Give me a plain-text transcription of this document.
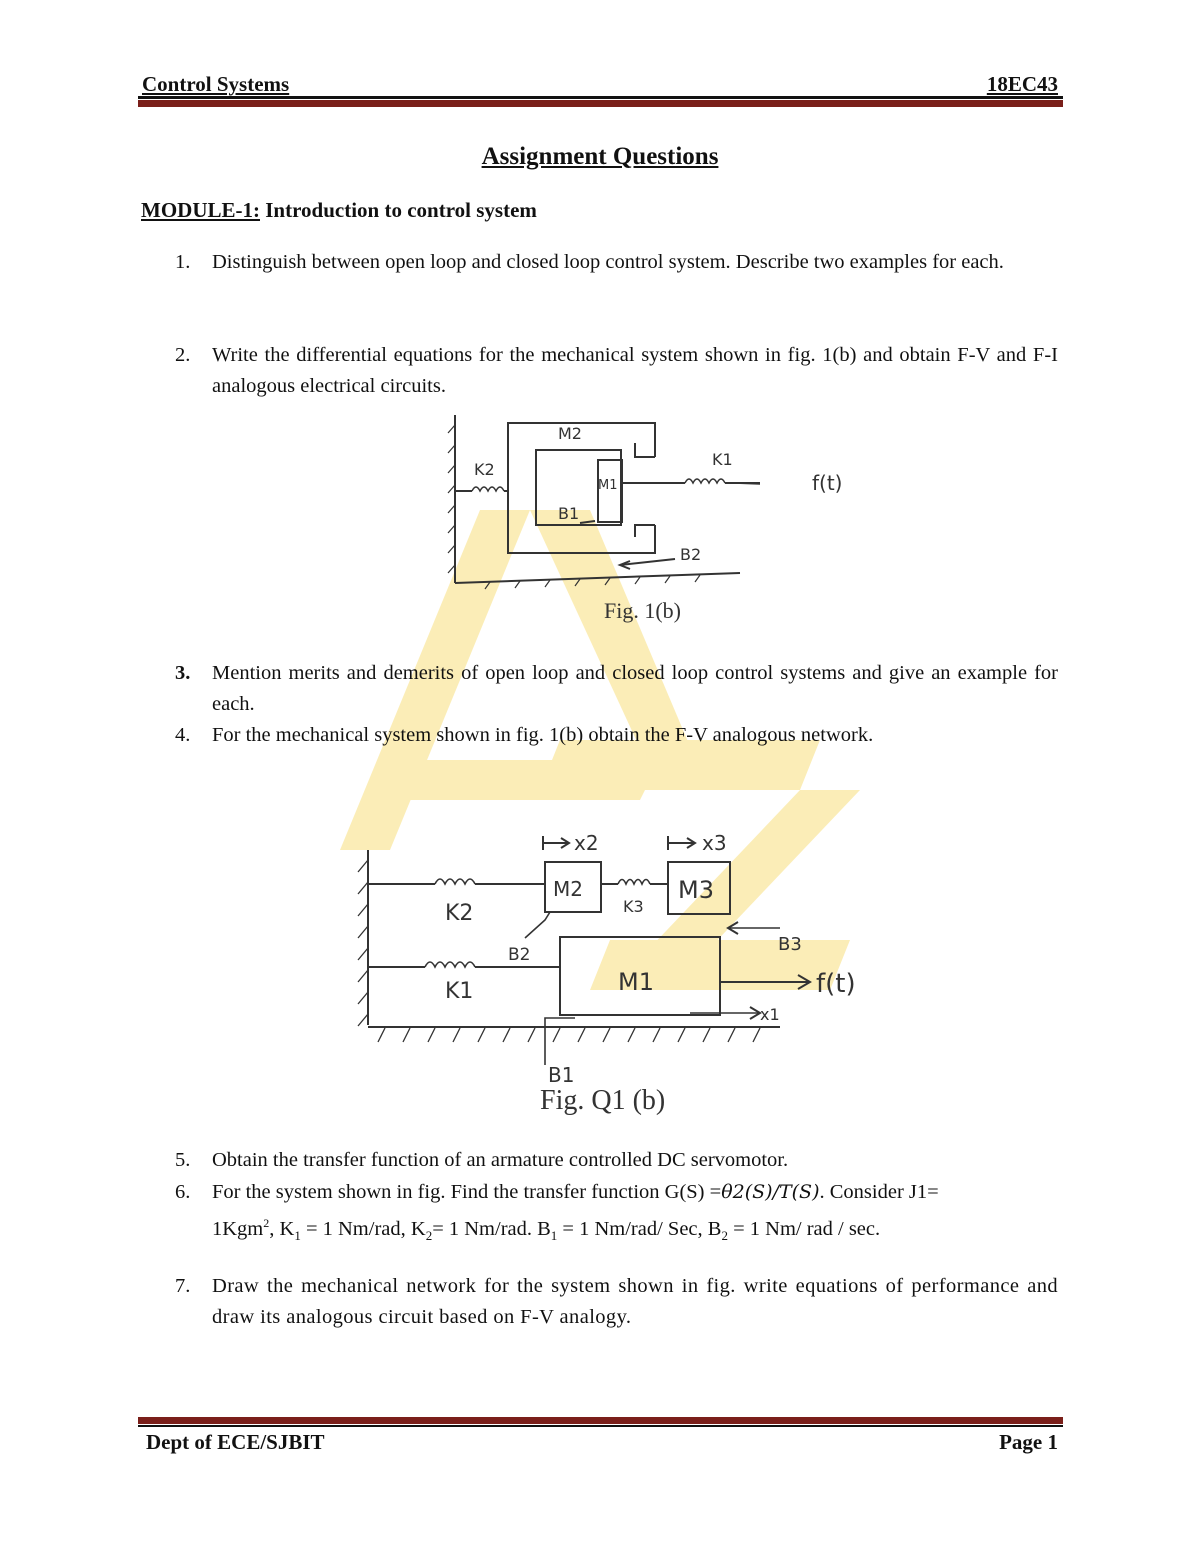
Control Systems	18EC43
Assignment Questions
MODULE-1: Introduction to control system
1. Distinguish between open loop and closed loop control system. Describe two examples for each.
2. Write the differential equations for the mechanical system shown in fig. 1(b) and obtain F-V and F-I analogous electrical circuits.
M2
M1
K2
K1
B1
B2
f(t)
Fig. 1(b)
3. Mention merits and demerits of open loop and closed loop control systems and give an example for each.
4. For the mechanical system shown in fig. 1(b) obtain the F-V analogous network.
x2	x3
M2	M3
K2	K3
K1
B2	B3
M1	f(t)
x1
B1
Fig. Q1 (b)
5. Obtain the transfer function of an armature controlled DC servomotor.
6. For the system shown in fig. Find the transfer function G(S) =θ2(S)/T(S). Consider J1=
1Kgm$^2$, $K_1 = 1$ Nm/rad, $K_2= 1$ Nm/rad. $B_1 = 1$ Nm/rad/ Sec, $B_2 = 1$ Nm/ rad / sec.
7. Draw the mechanical network for the system shown in fig. write equations of performance and draw its analogous circuit based on F-V analogy.
Dept of ECE/SJBIT	Page 1
